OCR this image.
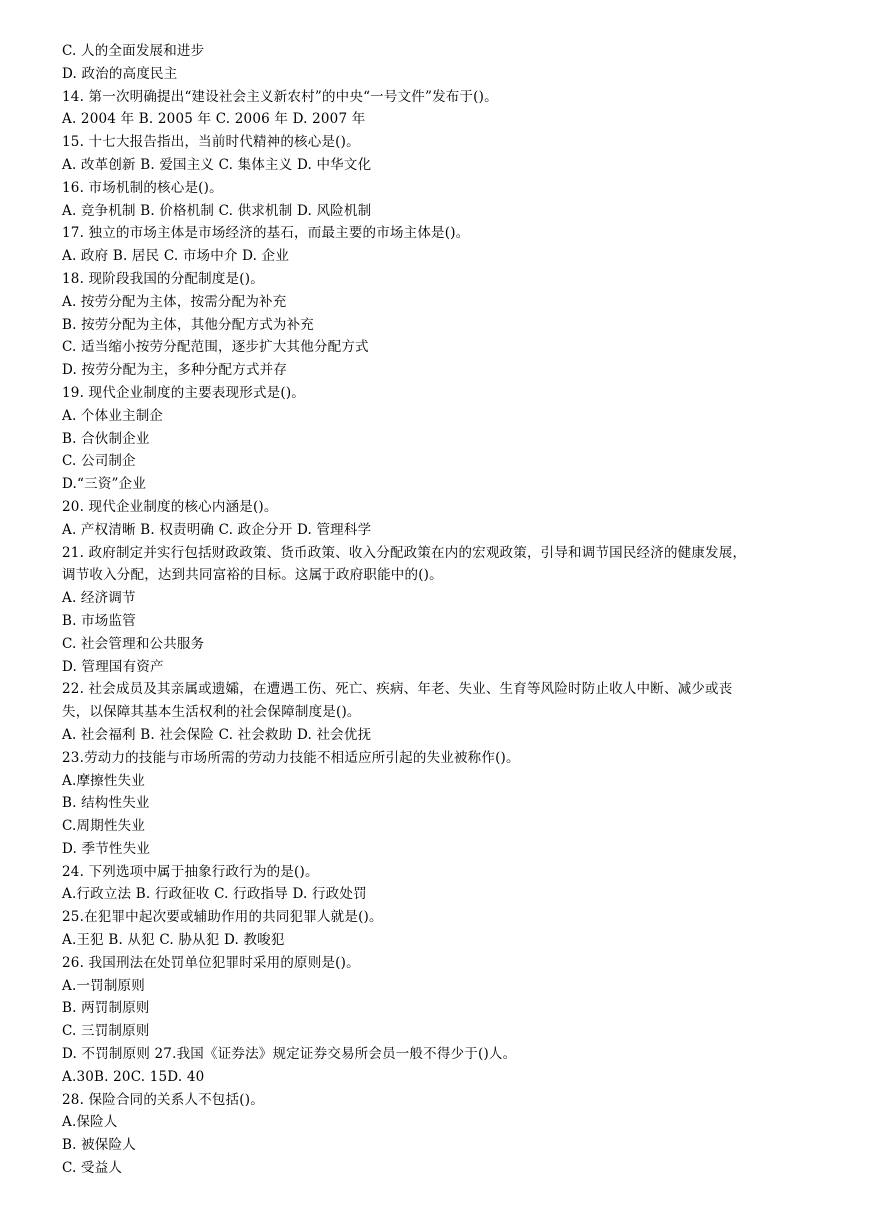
C. 人的全面发展和进步
D. 政治的高度民主
14. 第一次明确提出“建设社会主义新农村”的中央“一号文件”发布于()。
A. 2004 年 B. 2005 年 C. 2006 年 D. 2007 年
15. 十七大报告指出，当前时代精神的核心是()。
A. 改革创新 B. 爱国主义 C. 集体主义 D. 中华文化
16. 市场机制的核心是()。
A. 竞争机制 B. 价格机制 C. 供求机制 D. 风险机制
17. 独立的市场主体是市场经济的基石，而最主要的市场主体是()。
A. 政府 B. 居民 C. 市场中介 D. 企业
18. 现阶段我国的分配制度是()。
A. 按劳分配为主体，按需分配为补充
B. 按劳分配为主体，其他分配方式为补充
C. 适当缩小按劳分配范围，逐步扩大其他分配方式
D. 按劳分配为主，多种分配方式并存
19. 现代企业制度的主要表现形式是()。
A. 个体业主制企
B. 合伙制企业
C. 公司制企
D.“三资”企业
20. 现代企业制度的核心内涵是()。
A. 产权清晰 B. 权责明确 C. 政企分开 D. 管理科学
21. 政府制定并实行包括财政政策、货币政策、收入分配政策在内的宏观政策，引导和调节国民经济的健康发展，
调节收入分配，达到共同富裕的目标。这属于政府职能中的()。
A. 经济调节
B. 市场监管
C. 社会管理和公共服务
D. 管理国有资产
22. 社会成员及其亲属或遗孀，在遭遇工伤、死亡、疾病、年老、失业、生育等风险时防止收人中断、减少或丧
失，以保障其基本生活权利的社会保障制度是()。
A. 社会福利 B. 社会保险 C. 社会救助 D. 社会优抚
23.劳动力的技能与市场所需的劳动力技能不相适应所引起的失业被称作()。
A.摩擦性失业
B. 结构性失业
C.周期性失业
D. 季节性失业
24. 下列选项中属于抽象行政行为的是()。
A.行政立法 B. 行政征收 C. 行政指导 D. 行政处罚
25.在犯罪中起次要或辅助作用的共同犯罪人就是()。
A.王犯 B. 从犯 C. 胁从犯 D. 教唆犯
26. 我国刑法在处罚单位犯罪时采用的原则是()。
A.一罚制原则
B. 两罚制原则
C. 三罚制原则
D. 不罚制原则 27.我国《证券法》规定证券交易所会员一般不得少于()人。
A.30B. 20C. 15D. 40
28. 保险合同的关系人不包括()。
A.保险人
B. 被保险人
C. 受益人
